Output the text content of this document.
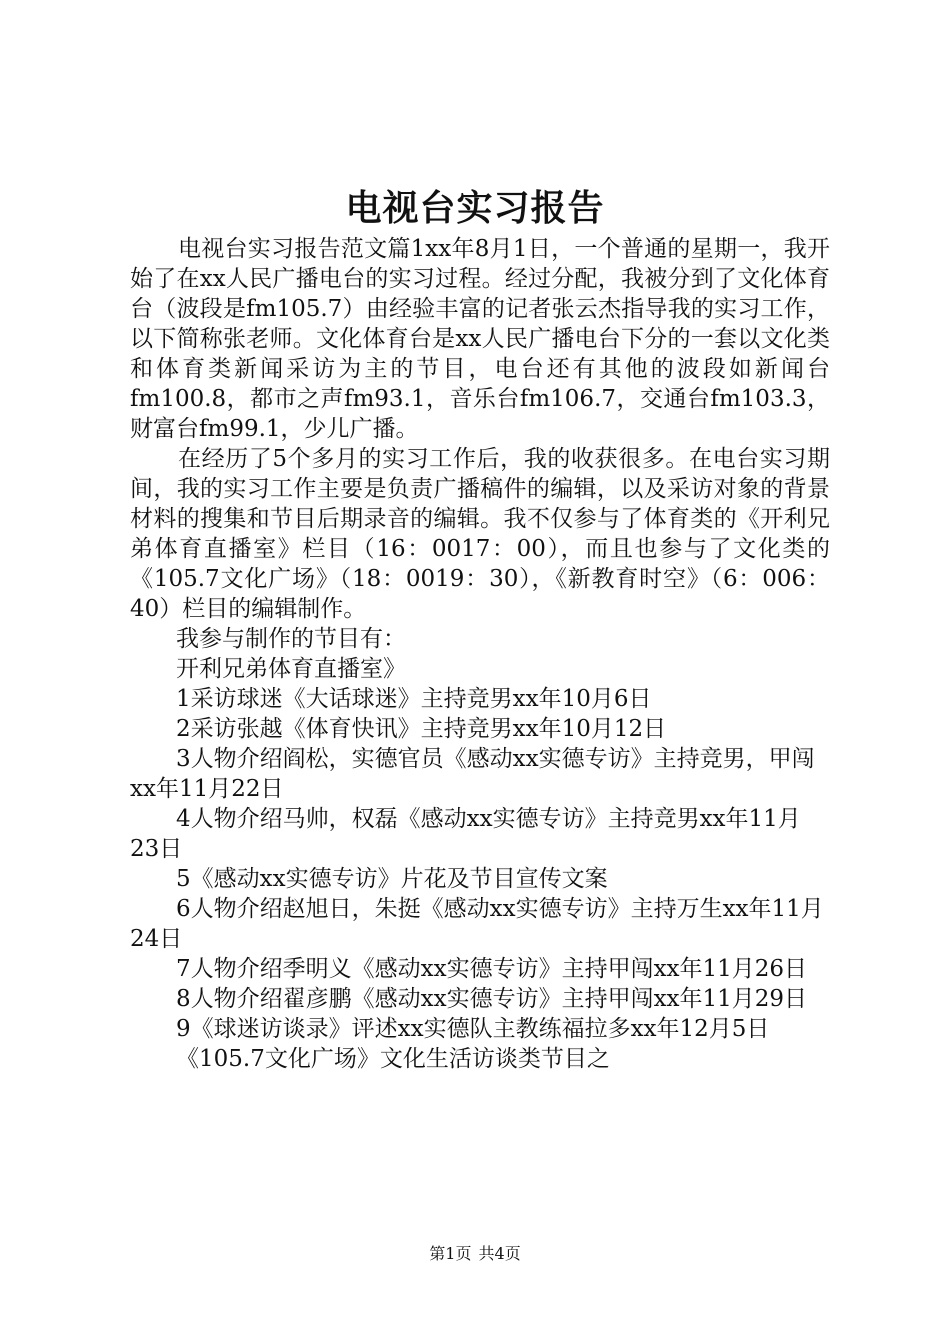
电视台实习报告

电视台实习报告范文篇1xx年8月1日，一个普通的星期一，我开始了在xx人民广播电台的实习过程。经过分配，我被分到了文化体育台（波段是fm105.7）由经验丰富的记者张云杰指导我的实习工作，以下简称张老师。文化体育台是xx人民广播电台下分的一套以文化类和体育类新闻采访为主的节目，电台还有其他的波段如新闻台fm100.8，都市之声fm93.1，音乐台fm106.7，交通台fm103.3，财富台fm99.1，少儿广播。

在经历了5个多月的实习工作后，我的收获很多。在电台实习期间，我的实习工作主要是负责广播稿件的编辑，以及采访对象的背景材料的搜集和节目后期录音的编辑。我不仅参与了体育类的《开利兄弟体育直播室》栏目（16：0017：00），而且也参与了文化类的《105.7文化广场》（18：0019：30），《新教育时空》（6：006：40）栏目的编辑制作。

我参与制作的节目有：

开利兄弟体育直播室》

1采访球迷《大话球迷》主持竞男xx年10月6日

2采访张越《体育快讯》主持竞男xx年10月12日

3人物介绍阎松，实德官员《感动xx实德专访》主持竞男，甲闯xx年11月22日

4人物介绍马帅，权磊《感动xx实德专访》主持竞男xx年11月23日

5《感动xx实德专访》片花及节目宣传文案

6人物介绍赵旭日，朱挺《感动xx实德专访》主持万生xx年11月24日

7人物介绍季明义《感动xx实德专访》主持甲闯xx年11月26日

8人物介绍翟彦鹏《感动xx实德专访》主持甲闯xx年11月29日

9《球迷访谈录》评述xx实德队主教练福拉多xx年12月5日

《105.7文化广场》文化生活访谈类节目之

第1页 共4页
